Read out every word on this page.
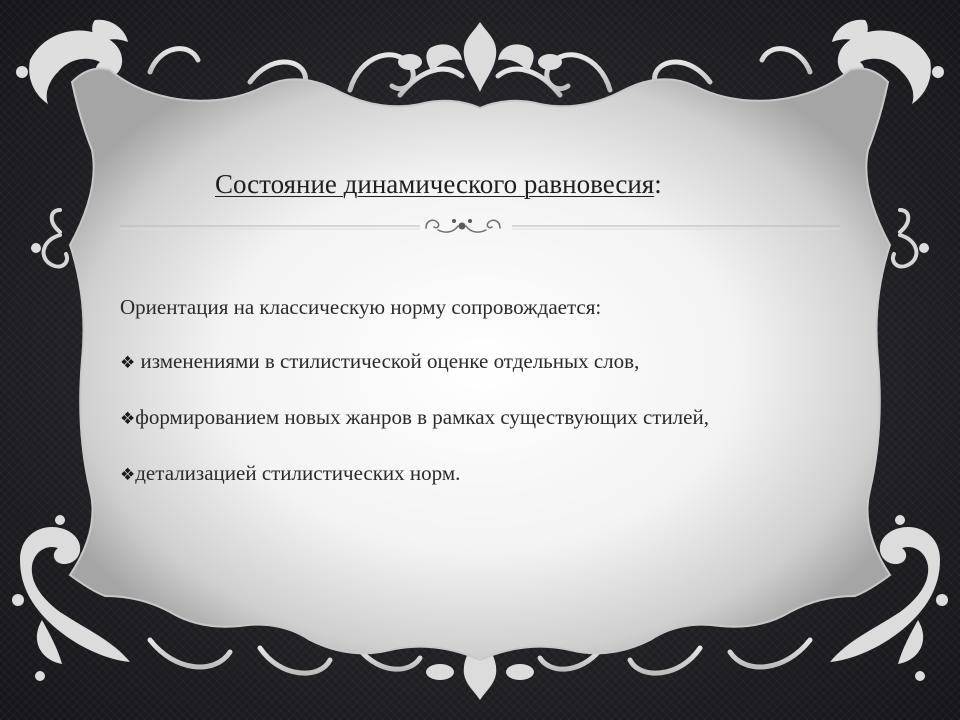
Состояние динамического равновесия:

Ориентация на классическую норму сопровождается:

❖ изменениями в стилистической оценке отдельных слов,

❖формированием новых жанров в рамках существующих стилей,

❖детализацией стилистических норм.
